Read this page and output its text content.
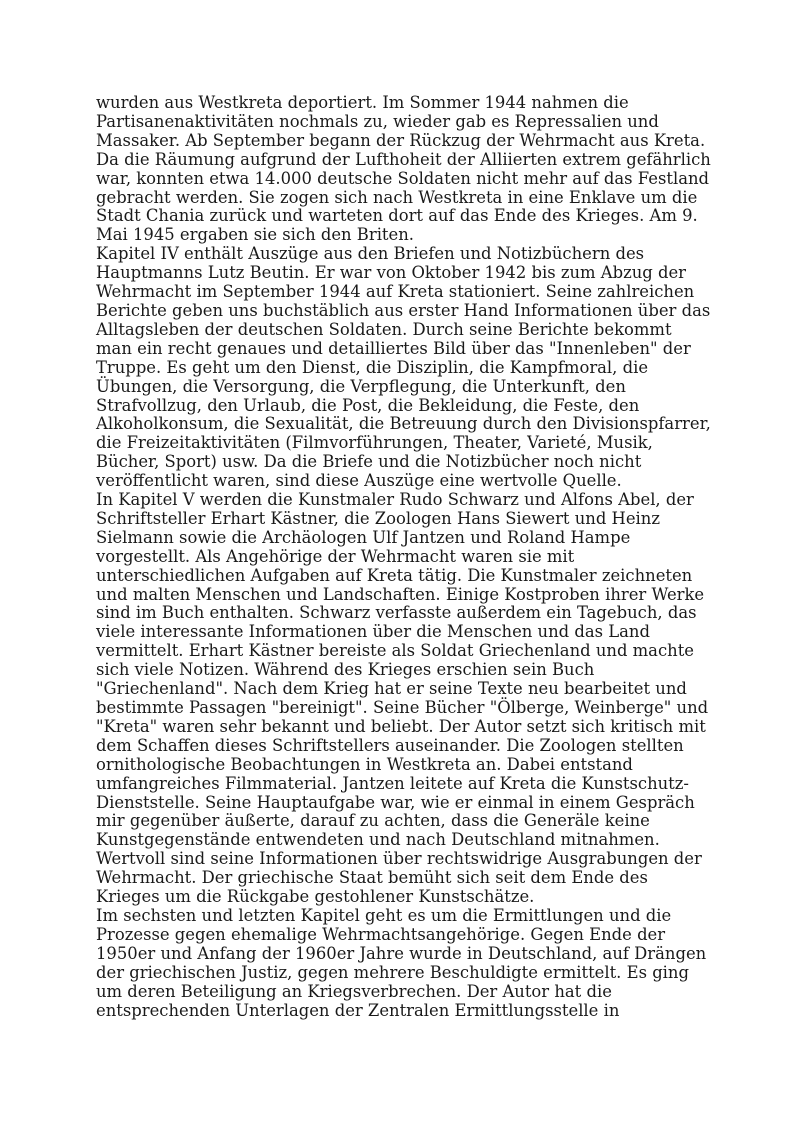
wurden aus Westkreta deportiert. Im Sommer 1944 nahmen die
Partisanenaktivitäten nochmals zu, wieder gab es Repressalien und
Massaker. Ab September begann der Rückzug der Wehrmacht aus Kreta.
Da die Räumung aufgrund der Lufthoheit der Alliierten extrem gefährlich
war, konnten etwa 14.000 deutsche Soldaten nicht mehr auf das Festland
gebracht werden. Sie zogen sich nach Westkreta in eine Enklave um die
Stadt Chania zurück und warteten dort auf das Ende des Krieges. Am 9.
Mai 1945 ergaben sie sich den Briten.
Kapitel IV enthält Auszüge aus den Briefen und Notizbüchern des
Hauptmanns Lutz Beutin. Er war von Oktober 1942 bis zum Abzug der
Wehrmacht im September 1944 auf Kreta stationiert. Seine zahlreichen
Berichte geben uns buchstäblich aus erster Hand Informationen über das
Alltagsleben der deutschen Soldaten. Durch seine Berichte bekommt
man ein recht genaues und detailliertes Bild über das "Innenleben" der
Truppe. Es geht um den Dienst, die Disziplin, die Kampfmoral, die
Übungen, die Versorgung, die Verpflegung, die Unterkunft, den
Strafvollzug, den Urlaub, die Post, die Bekleidung, die Feste, den
Alkoholkonsum, die Sexualität, die Betreuung durch den Divisionspfarrer,
die Freizeitaktivitäten (Filmvorführungen, Theater, Varieté, Musik,
Bücher, Sport) usw. Da die Briefe und die Notizbücher noch nicht
veröffentlicht waren, sind diese Auszüge eine wertvolle Quelle.
In Kapitel V werden die Kunstmaler Rudo Schwarz und Alfons Abel, der
Schriftsteller Erhart Kästner, die Zoologen Hans Siewert und Heinz
Sielmann sowie die Archäologen Ulf Jantzen und Roland Hampe
vorgestellt. Als Angehörige der Wehrmacht waren sie mit
unterschiedlichen Aufgaben auf Kreta tätig. Die Kunstmaler zeichneten
und malten Menschen und Landschaften. Einige Kostproben ihrer Werke
sind im Buch enthalten. Schwarz verfasste außerdem ein Tagebuch, das
viele interessante Informationen über die Menschen und das Land
vermittelt. Erhart Kästner bereiste als Soldat Griechenland und machte
sich viele Notizen. Während des Krieges erschien sein Buch
"Griechenland". Nach dem Krieg hat er seine Texte neu bearbeitet und
bestimmte Passagen "bereinigt". Seine Bücher "Ölberge, Weinberge" und
"Kreta" waren sehr bekannt und beliebt. Der Autor setzt sich kritisch mit
dem Schaffen dieses Schriftstellers auseinander. Die Zoologen stellten
ornithologische Beobachtungen in Westkreta an. Dabei entstand
umfangreiches Filmmaterial. Jantzen leitete auf Kreta die Kunstschutz-
Dienststelle. Seine Hauptaufgabe war, wie er einmal in einem Gespräch
mir gegenüber äußerte, darauf zu achten, dass die Generäle keine
Kunstgegenstände entwendeten und nach Deutschland mitnahmen.
Wertvoll sind seine Informationen über rechtswidrige Ausgrabungen der
Wehrmacht. Der griechische Staat bemüht sich seit dem Ende des
Krieges um die Rückgabe gestohlener Kunstschätze.
Im sechsten und letzten Kapitel geht es um die Ermittlungen und die
Prozesse gegen ehemalige Wehrmachtsangehörige. Gegen Ende der
1950er und Anfang der 1960er Jahre wurde in Deutschland, auf Drängen
der griechischen Justiz, gegen mehrere Beschuldigte ermittelt. Es ging
um deren Beteiligung an Kriegsverbrechen. Der Autor hat die
entsprechenden Unterlagen der Zentralen Ermittlungsstelle in
